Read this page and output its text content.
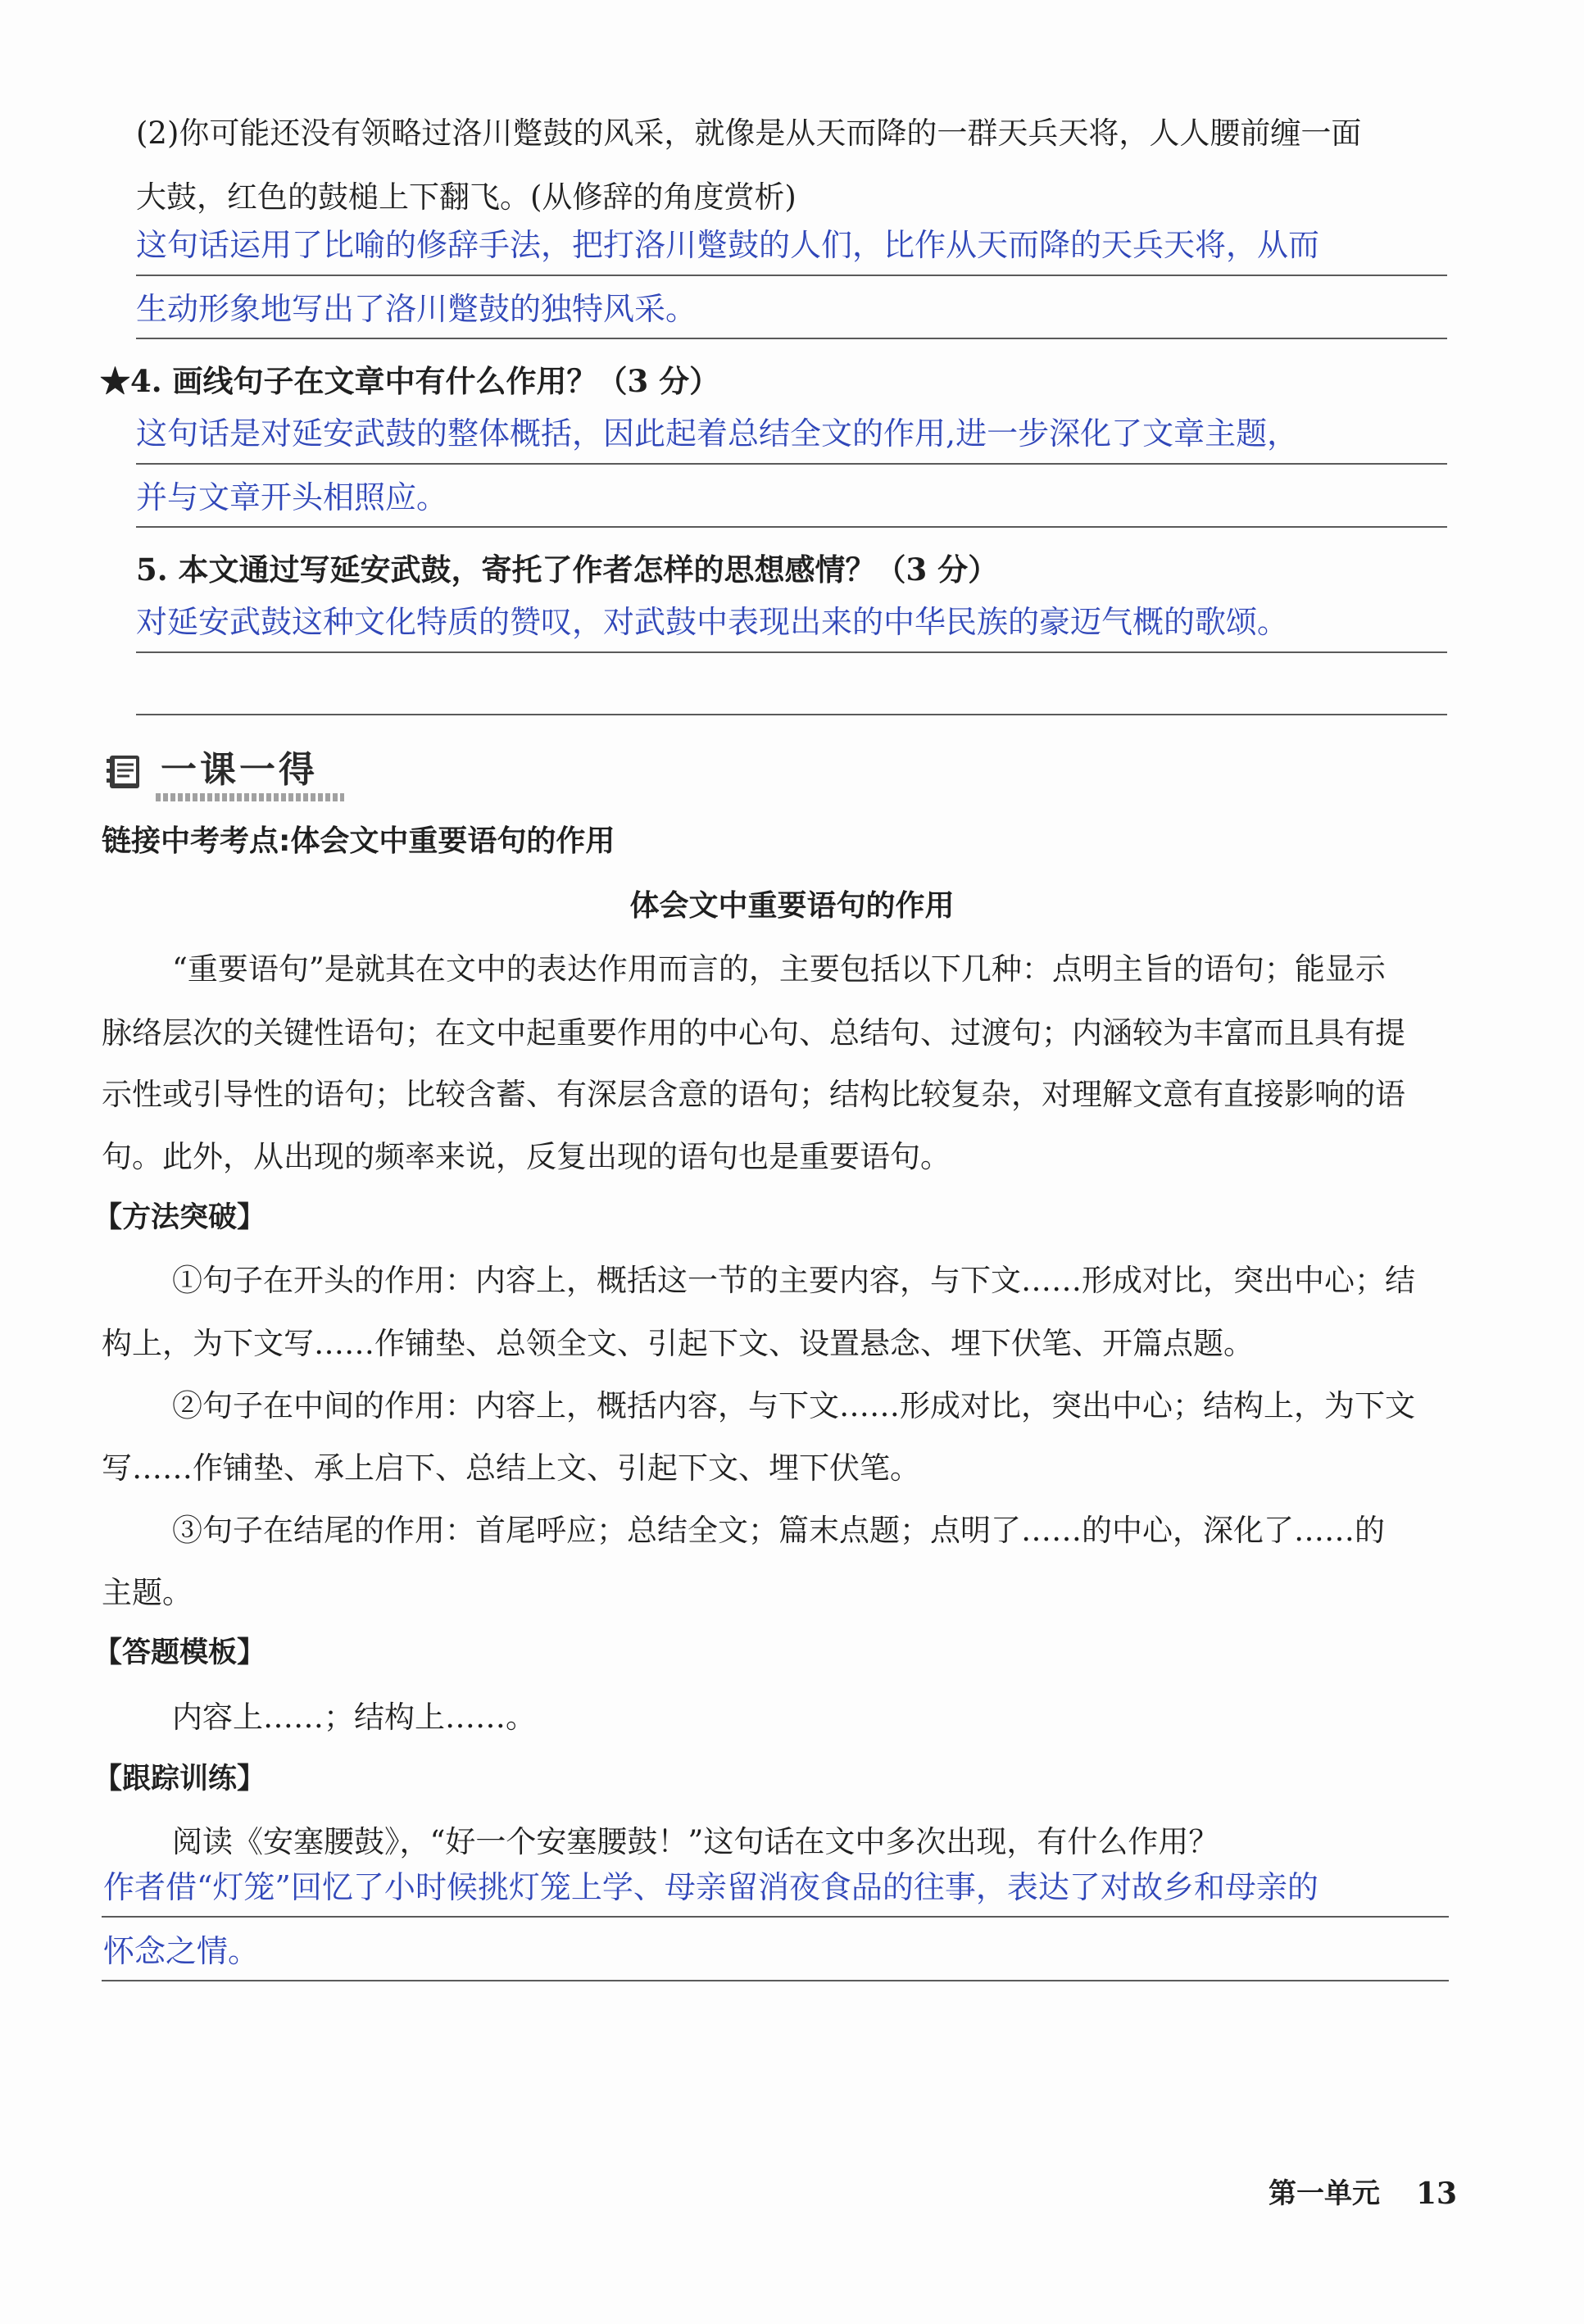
(2)你可能还没有领略过洛川蹩鼓的风采，就像是从天而降的一群天兵天将，人人腰前缠一面
大鼓，红色的鼓槌上下翻飞。(从修辞的角度赏析)
这句话运用了比喻的修辞手法，把打洛川蹩鼓的人们，比作从天而降的天兵天将，从而
生动形象地写出了洛川蹩鼓的独特风采。
★4. 画线句子在文章中有什么作用？（3 分）
这句话是对延安武鼓的整体概括，因此起着总结全文的作用,进一步深化了文章主题，
并与文章开头相照应。
5. 本文通过写延安武鼓，寄托了作者怎样的思想感情？（3 分）
对延安武鼓这种文化特质的赞叹，对武鼓中表现出来的中华民族的豪迈气概的歌颂。
一课一得
链接中考考点:体会文中重要语句的作用
体会文中重要语句的作用
“重要语句”是就其在文中的表达作用而言的，主要包括以下几种：点明主旨的语句；能显示
脉络层次的关键性语句；在文中起重要作用的中心句、总结句、过渡句；内涵较为丰富而且具有提
示性或引导性的语句；比较含蓄、有深层含意的语句；结构比较复杂，对理解文意有直接影响的语
句。此外，从出现的频率来说，反复出现的语句也是重要语句。
【方法突破】
①句子在开头的作用：内容上，概括这一节的主要内容，与下文……形成对比，突出中心；结
构上，为下文写……作铺垫、总领全文、引起下文、设置悬念、埋下伏笔、开篇点题。
②句子在中间的作用：内容上，概括内容，与下文……形成对比，突出中心；结构上，为下文
写……作铺垫、承上启下、总结上文、引起下文、埋下伏笔。
③句子在结尾的作用：首尾呼应；总结全文；篇末点题；点明了……的中心，深化了……的
主题。
【答题模板】
内容上……；结构上……。
【跟踪训练】
阅读《安塞腰鼓》，“好一个安塞腰鼓！”这句话在文中多次出现，有什么作用？
作者借“灯笼”回忆了小时候挑灯笼上学、母亲留消夜食品的往事，表达了对故乡和母亲的
怀念之情。
第一单元 13
